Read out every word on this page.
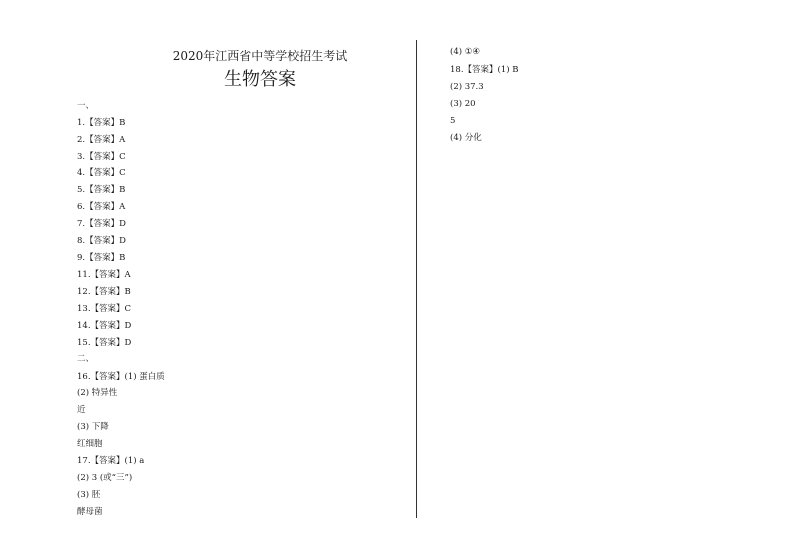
2020年江西省中等学校招生考试
生物答案
一、
1.【答案】B
2.【答案】A
3.【答案】C
4.【答案】C
5.【答案】B
6.【答案】A
7.【答案】D
8.【答案】D
9.【答案】B
11.【答案】A
12.【答案】B
13.【答案】C
14.【答案】D
15.【答案】D
二、
16.【答案】(1) 蛋白质
(2) 特异性
近
(3) 下降
红细胞
17.【答案】(1) a
(2) 3 (或“三”)
(3) 胚
酵母菌
(4) ①④
18.【答案】(1) B
(2) 37.3
(3) 20
5
(4) 分化
